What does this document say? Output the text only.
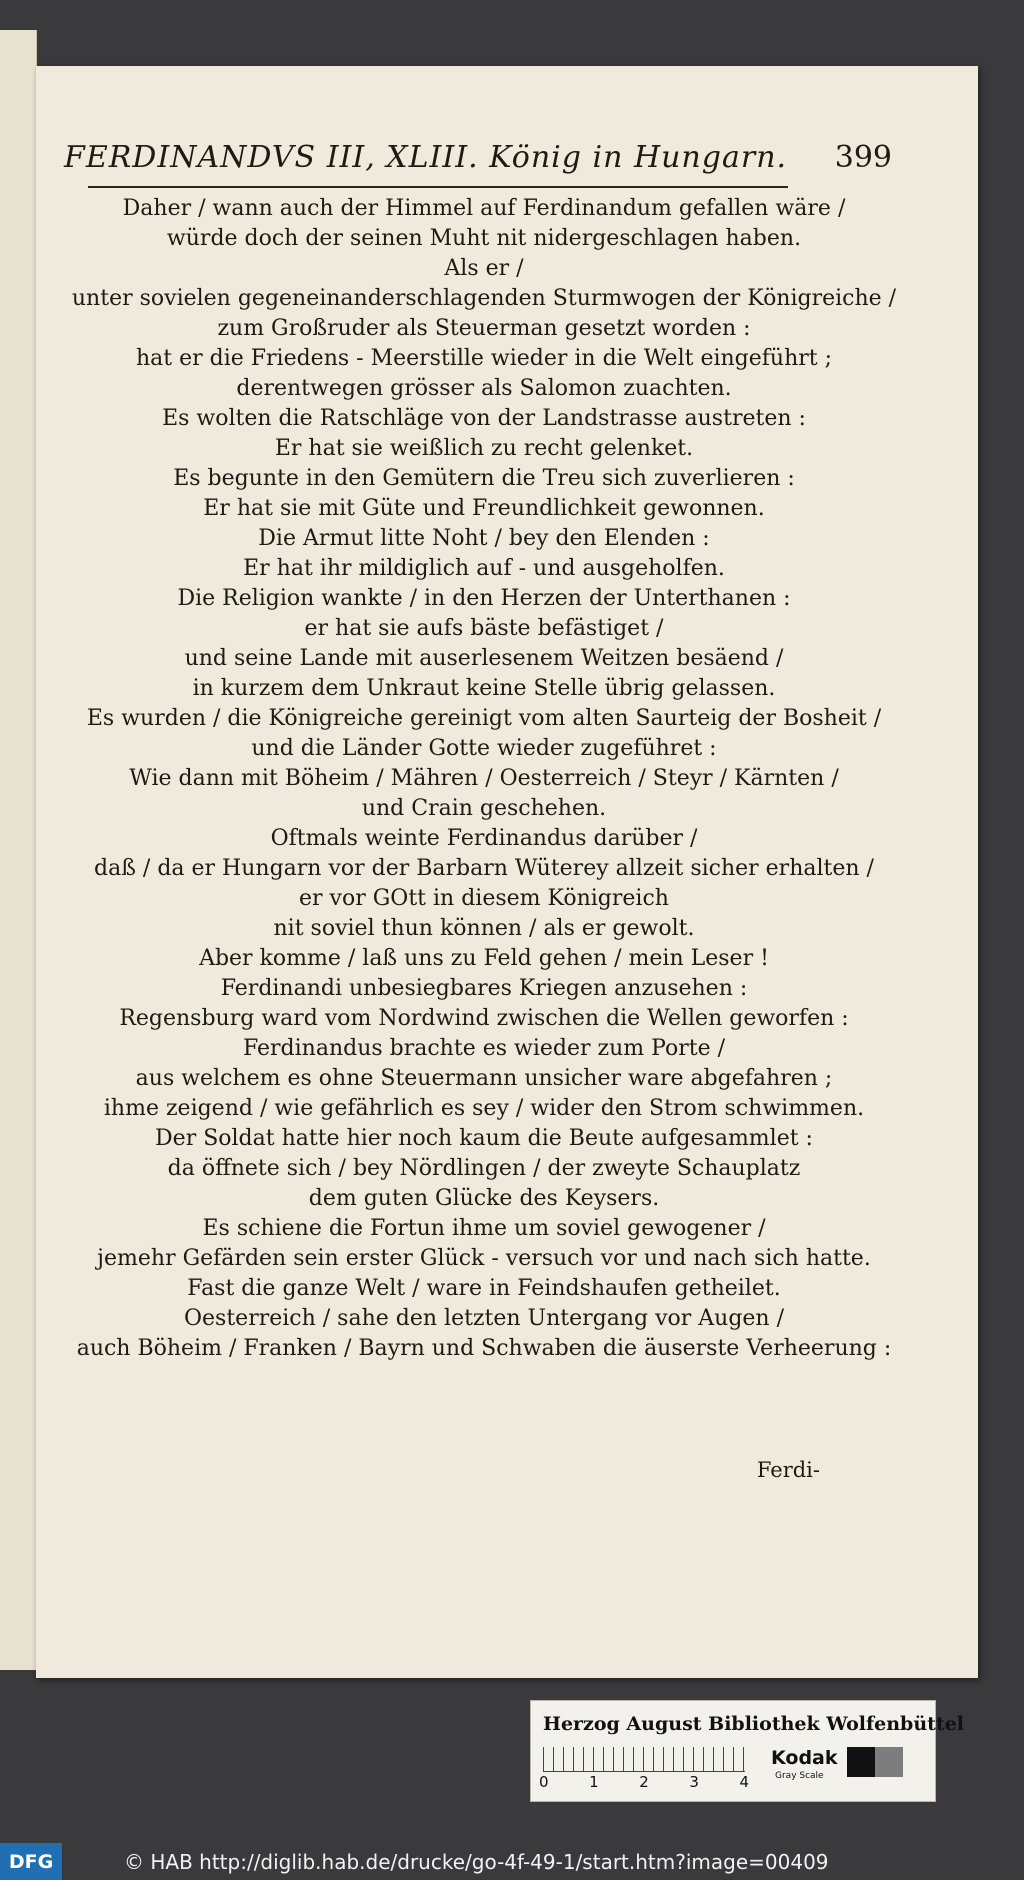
FERDINANDVS III, XLIII. König in Hungarn. 399
Daher / wann auch der Himmel auf Ferdinandum gefallen wäre /
würde doch der seinen Muht nit nidergeschlagen haben.
Als er /
unter sovielen gegeneinanderschlagenden Sturmwogen der Königreiche /
zum Großruder als Steuerman gesetzt worden :
hat er die Friedens - Meerstille wieder in die Welt eingeführt ;
derentwegen grösser als Salomon zuachten.
Es wolten die Ratschläge von der Landstrasse austreten :
Er hat sie weißlich zu recht gelenket.
Es begunte in den Gemütern die Treu sich zuverlieren :
Er hat sie mit Güte und Freundlichkeit gewonnen.
Die Armut litte Noht / bey den Elenden :
Er hat ihr mildiglich auf - und ausgeholfen.
Die Religion wankte / in den Herzen der Unterthanen :
er hat sie aufs bäste befästiget /
und seine Lande mit auserlesenem Weitzen besäend /
in kurzem dem Unkraut keine Stelle übrig gelassen.
Es wurden / die Königreiche gereinigt vom alten Saurteig der Bosheit /
und die Länder Gotte wieder zugeführet :
Wie dann mit Böheim / Mähren / Oesterreich / Steyr / Kärnten /
und Crain geschehen.
Oftmals weinte Ferdinandus darüber /
daß / da er Hungarn vor der Barbarn Wüterey allzeit sicher erhalten /
er vor GOtt in diesem Königreich
nit soviel thun können / als er gewolt.
Aber komme / laß uns zu Feld gehen / mein Leser !
Ferdinandi unbesiegbares Kriegen anzusehen :
Regensburg ward vom Nordwind zwischen die Wellen geworfen :
Ferdinandus brachte es wieder zum Porte /
aus welchem es ohne Steuermann unsicher ware abgefahren ;
ihme zeigend / wie gefährlich es sey / wider den Strom schwimmen.
Der Soldat hatte hier noch kaum die Beute aufgesammlet :
da öffnete sich / bey Nördlingen / der zweyte Schauplatz
dem guten Glücke des Keysers.
Es schiene die Fortun ihme um soviel gewogener /
jemehr Gefärden sein erster Glück - versuch vor und nach sich hatte.
Fast die ganze Welt / ware in Feindshaufen getheilet.
Oesterreich / sahe den letzten Untergang vor Augen /
auch Böheim / Franken / Bayrn und Schwaben die äuserste Verheerung :
Ferdi-
Herzog August Bibliothek Wolfenbüttel
0	1	2	3	4
Kodak
Gray Scale
DFG	© HAB http://diglib.hab.de/drucke/go-4f-49-1/start.htm?image=00409
